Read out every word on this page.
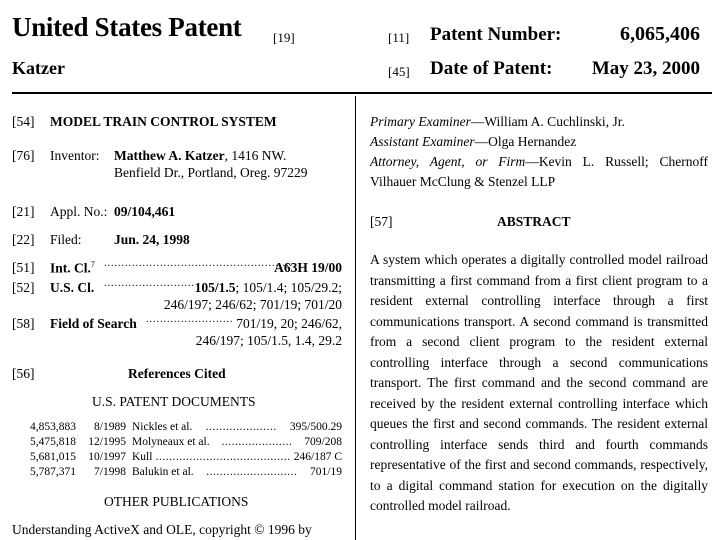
United States Patent [19]
Katzer
[11] Patent Number:	6,065,406
[45] Date of Patent: May 23, 2000
[54] MODEL TRAIN CONTROL SYSTEM
[76] Inventor: Matthew A. Katzer, 1416 NW.
Benfield Dr., Portland, Oreg. 97229
[21] Appl. No.: 09/104,461
[22] Filed: Jun. 24, 1998
[51] Int. Cl.$^7$ ......................................................
A63H 19/00
[52] U.S. Cl. .......................... 105/1.5; 105/1.4; 105/29.2;
246/197; 246/62; 701/19; 701/20
[58] Field of Search ......................... 701/19, 20; 246/62,
246/197; 105/1.5, 1.4, 29.2
[56]	References Cited
U.S. PATENT DOCUMENTS
4,853,883	8/1989 Nickles et al.	.....................	395/500.29
5,475,818	12/1995 Molyneaux et al.	.....................	709/208
5,681,015	10/1997 Kull ........................................ 246/187 C
5,787,371	7/1998 Balukin et al.	...........................	701/19
OTHER PUBLICATIONS
Understanding ActiveX and OLE, copyright © 1996 by
Primary Examiner—William A. Cuchlinski, Jr.
Assistant Examiner—Olga Hernandez
Attorney, Agent, or Firm—Kevin L. Russell; Chernoff
Vilhauer McClung & Stenzel LLP
[57]	ABSTRACT
A system which operates a digitally controlled model railroad transmitting a first command from a first client program to a resident external controlling interface through a first communications transport. A second command is transmitted from a second client program to the resident external controlling interface through a second communications transport. The first command and the second command are received by the resident external controlling interface which queues the first and second commands. The resident external controlling interface sends third and fourth commands representative of the first and second commands, respectively, to a digital command station for execution on the digitally controlled model railroad.
